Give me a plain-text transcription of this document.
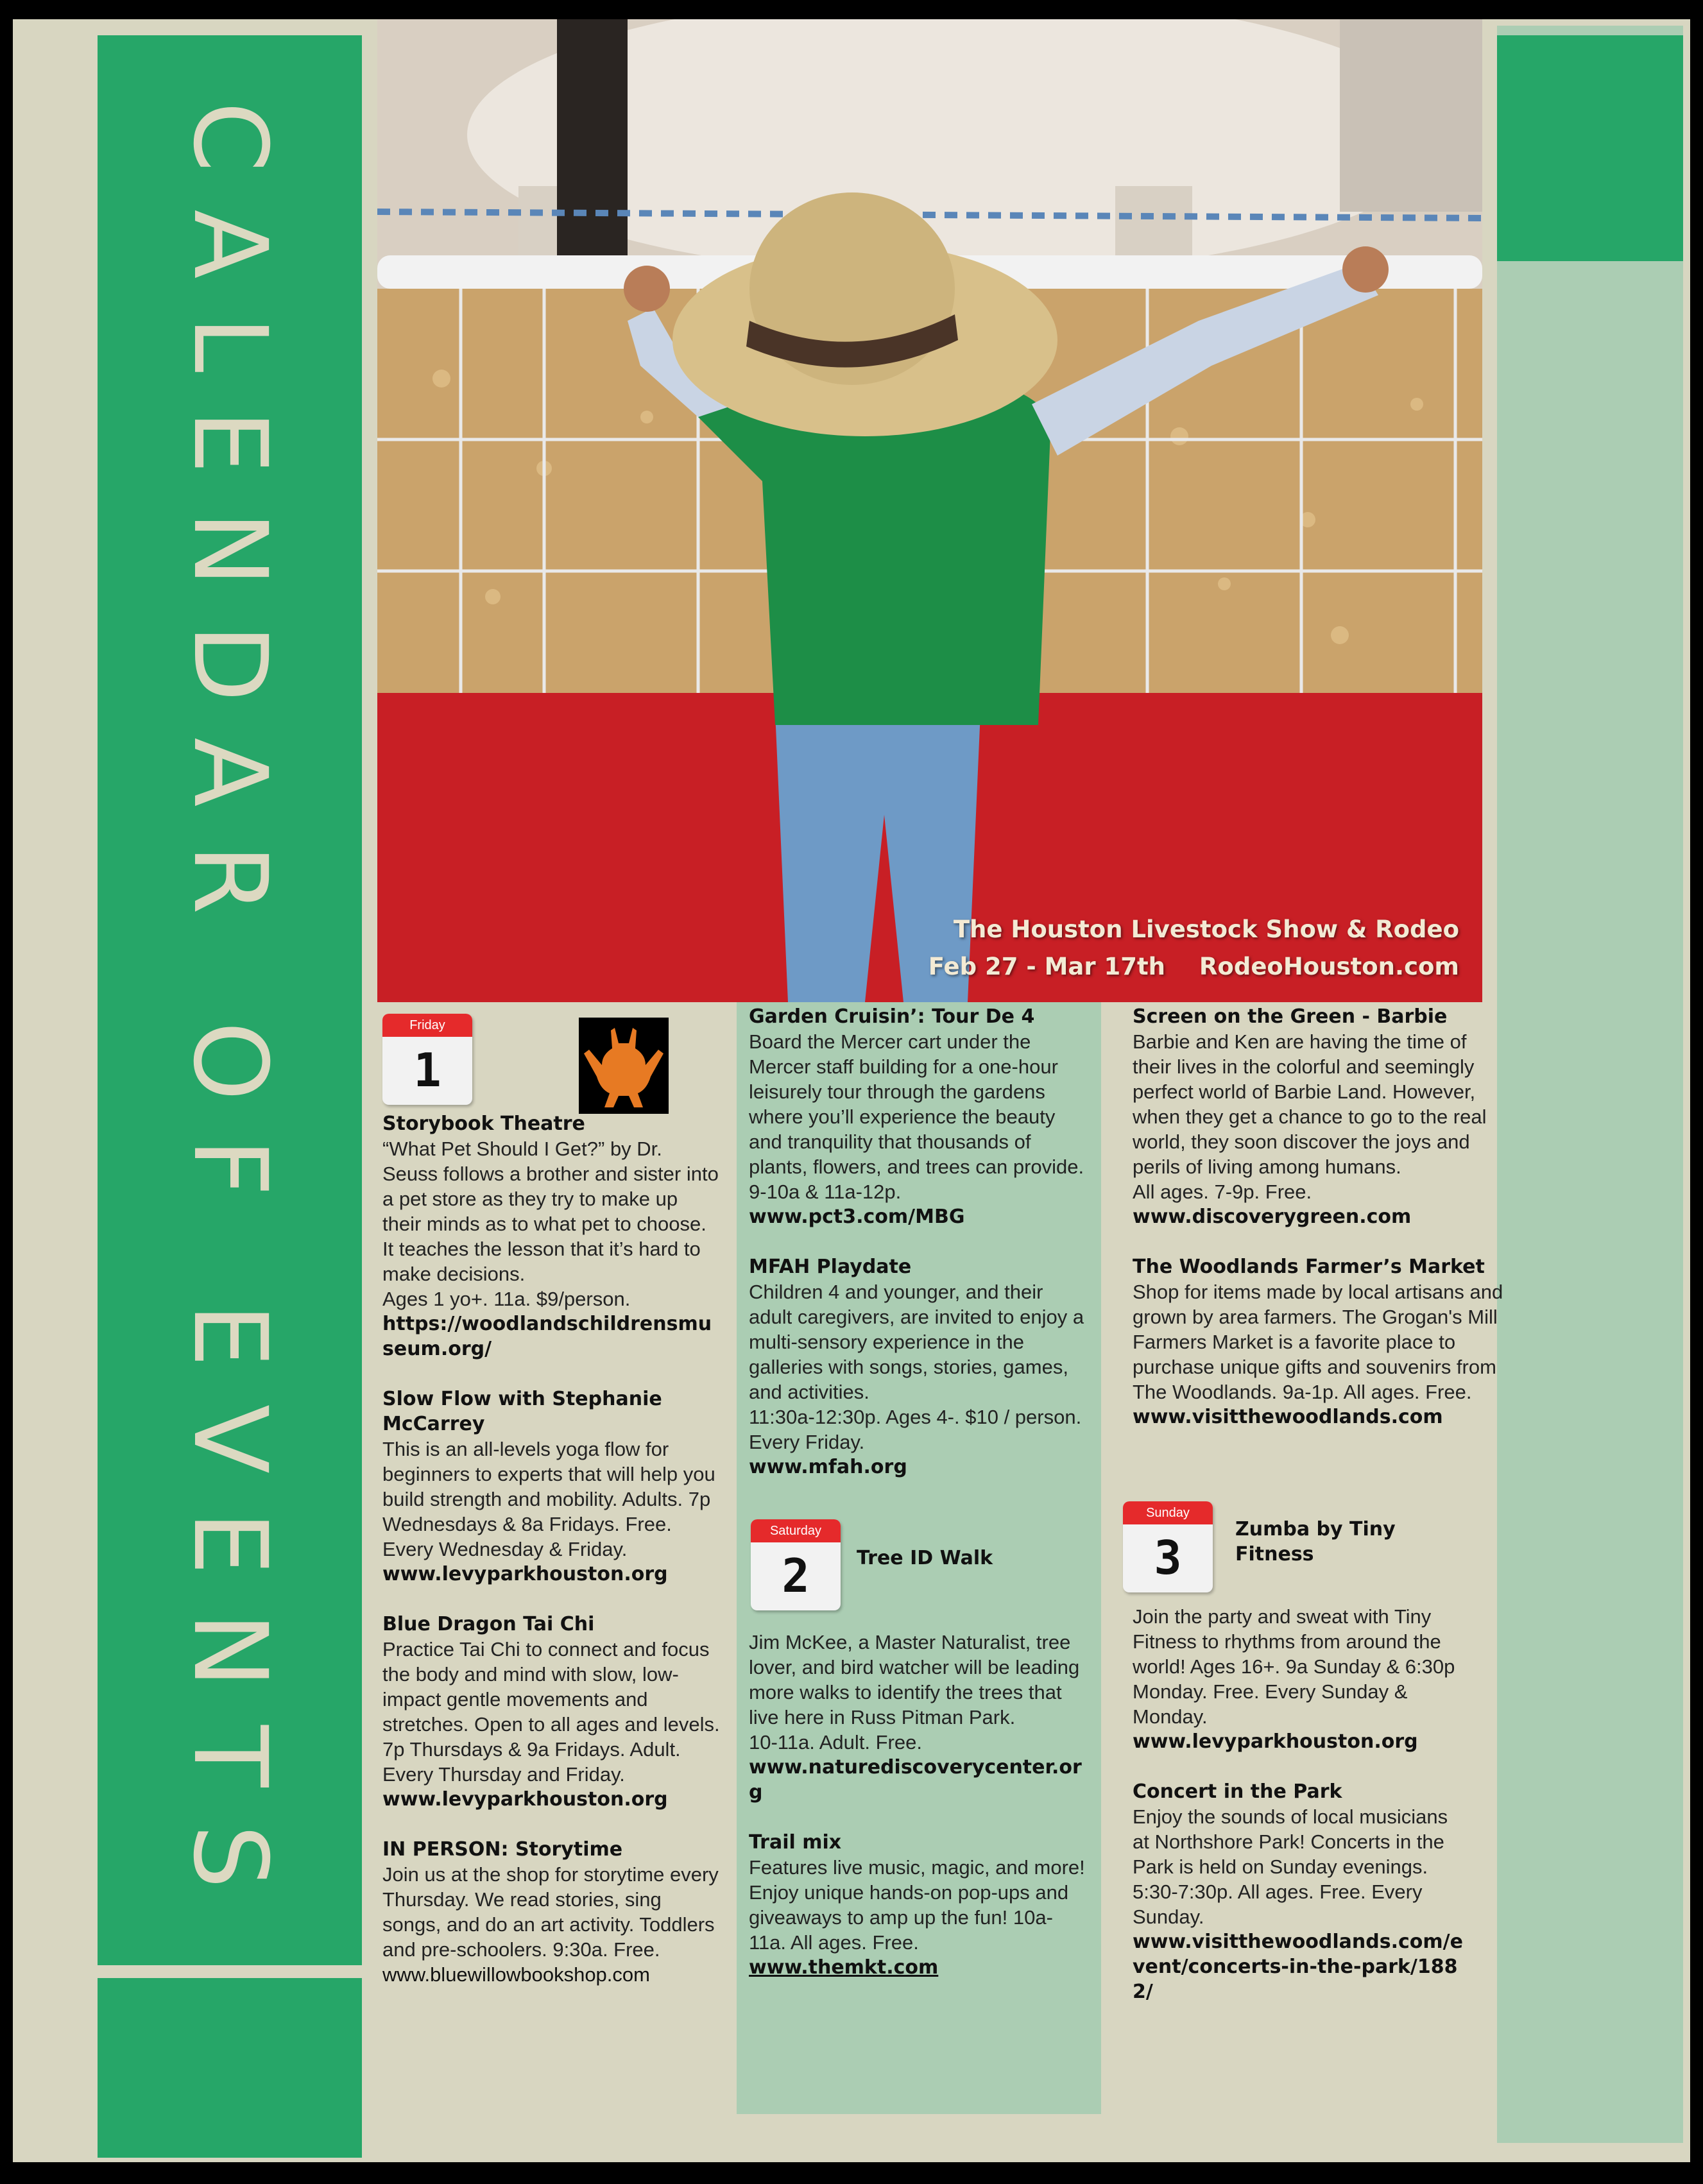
CALENDAR OF EVENTS	The Houston Livestock Show & Rodeo
Feb 27 - Mar 17th RodeoHouston.com
Friday
1

Storybook Theatre

“What Pet Should I Get?” by Dr. Seuss follows a brother and sister into a pet store as they try to make up their minds as to what pet to choose. It teaches the lesson that it’s hard to make decisions.
Ages 1 yo+. 11a. $9/person.

https://woodlandschildrensmuseum.org/

Slow Flow with Stephanie McCarrey

This is an all-levels yoga flow for beginners to experts that will help you build strength and mobility. Adults. 7p Wednesdays & 8a Fridays. Free. Every Wednesday & Friday.

www.levyparkhouston.org

Blue Dragon Tai Chi

Practice Tai Chi to connect and focus the body and mind with slow, low-impact gentle movements and stretches. Open to all ages and levels. 7p Thursdays & 9a Fridays. Adult. Every Thursday and Friday.

www.levyparkhouston.org

IN PERSON: Storytime

Join us at the shop for storytime every Thursday. We read stories, sing songs, and do an art activity. Toddlers and pre-schoolers. 9:30a. Free.

www.bluewillowbookshop.com

Garden Cruisin’: Tour De 4

Board the Mercer cart under the Mercer staff building for a one-hour leisurely tour through the gardens where you’ll experience the beauty and tranquility that thousands of plants, flowers, and trees can provide.
9-10a & 11a-12p.

www.pct3.com/MBG

MFAH Playdate

Children 4 and younger, and their adult caregivers, are invited to enjoy a multi-sensory experience in the galleries with songs, stories, games, and activities.
11:30a-12:30p. Ages 4-. $10 / person. Every Friday.

www.mfah.org

Saturday
2	Tree ID Walk

Jim McKee, a Master Naturalist, tree lover, and bird watcher will be leading more walks to identify the trees that live here in Russ Pitman Park.
10-11a. Adult. Free.

www.naturediscoverycenter.org

Trail mix

Features live music, magic, and more! Enjoy unique hands-on pop-ups and giveaways to amp up the fun! 10a-11a. All ages. Free.

www.themkt.com

Screen on the Green - Barbie

Barbie and Ken are having the time of their lives in the colorful and seemingly perfect world of Barbie Land. However, when they get a chance to go to the real world, they soon discover the joys and perils of living among humans.
All ages. 7-9p. Free.

www.discoverygreen.com

The Woodlands Farmer’s Market

Shop for items made by local artisans and grown by area farmers. The Grogan's Mill Farmers Market is a favorite place to purchase unique gifts and souvenirs from The Woodlands. 9a-1p. All ages. Free.

www.visitthewoodlands.com

Sunday
3
Zumba by Tiny
Fitness

Join the party and sweat with Tiny Fitness to rhythms from around the world! Ages 16+. 9a Sunday & 6:30p Monday. Free. Every Sunday & Monday.

www.levyparkhouston.org

Concert in the Park

Enjoy the sounds of local musicians at Northshore Park! Concerts in the Park is held on Sunday evenings. 5:30-7:30p. All ages. Free. Every Sunday.

www.visitthewoodlands.com/event/concerts-in-the-park/1882/
